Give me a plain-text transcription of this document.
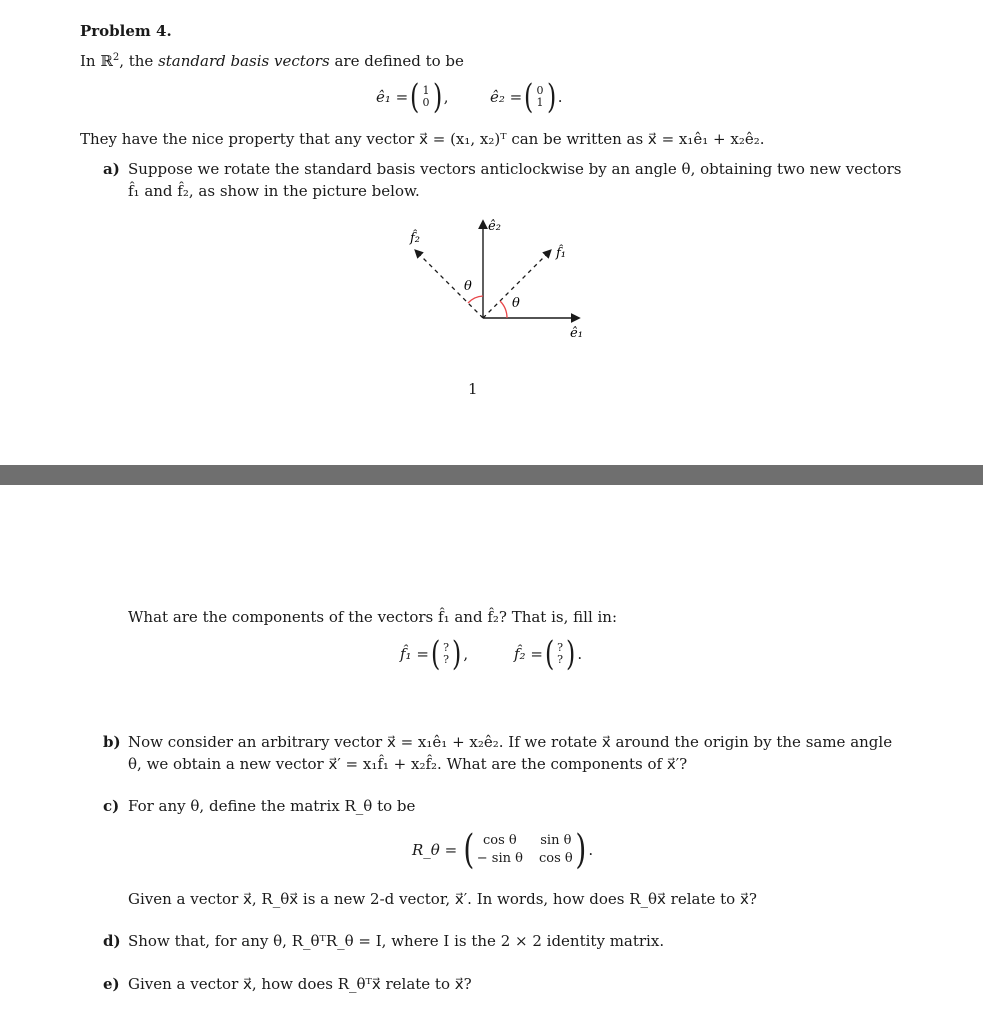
Problem 4.
In ℝ$^2$, the standard basis vectors are defined to be
ê₁ = ( 1
0 ) ,	ê₂ = ( 0
1 ) .
They have the nice property that any vector x⃗ = (x₁, x₂)ᵀ can be written as x⃗ = x₁ê₁ + x₂ê₂.
a) Suppose we rotate the standard basis vectors anticlockwise by an angle θ, obtaining two new vectors
f̂₁ and f̂₂, as show in the picture below.
f̂₂
ê₂
f̂₁
θ
θ
ê₁
1
What are the components of the vectors f̂₁ and f̂₂? That is, fill in:
f̂₁ = ( ?
? ) ,	f̂₂ = ( ?
? ) .
b) Now consider an arbitrary vector x⃗ = x₁ê₁ + x₂ê₂. If we rotate x⃗ around the origin by the same angle
θ, we obtain a new vector x⃗′ = x₁f̂₁ + x₂f̂₂. What are the components of x⃗′?
c) For any θ, define the matrix R_θ to be
R_θ = ( cos θ	sin θ
− sin θ cos θ ) .
Given a vector x⃗, R_θx⃗ is a new 2-d vector, x⃗′. In words, how does R_θx⃗ relate to x⃗?
d) Show that, for any θ, R_θᵀR_θ = I, where I is the 2 × 2 identity matrix.
e) Given a vector x⃗, how does R_θᵀx⃗ relate to x⃗?
